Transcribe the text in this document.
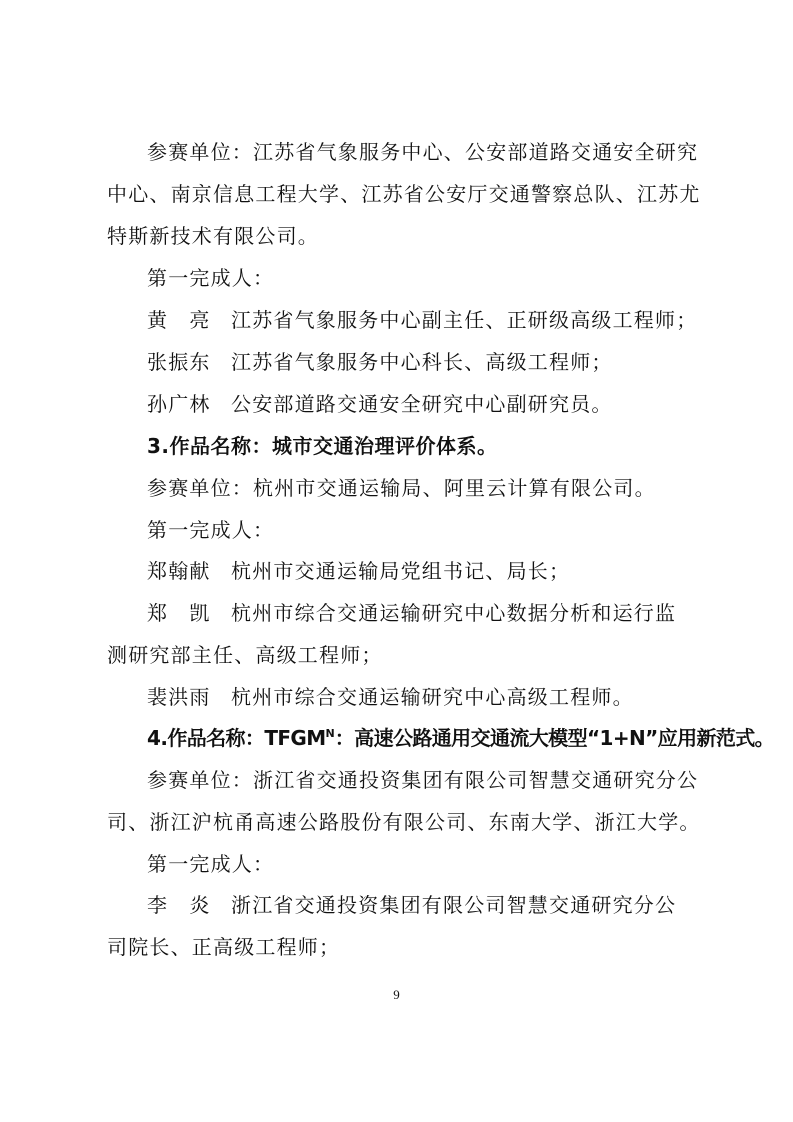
参赛单位：江苏省气象服务中心、公安部道路交通安全研究
中心、南京信息工程大学、江苏省公安厅交通警察总队、江苏尤
特斯新技术有限公司。
第一完成人：
黄　亮 江苏省气象服务中心副主任、正研级高级工程师；
张振东 江苏省气象服务中心科长、高级工程师；
孙广林 公安部道路交通安全研究中心副研究员。
3.作品名称：城市交通治理评价体系。
参赛单位：杭州市交通运输局、阿里云计算有限公司。
第一完成人：
郑翰献 杭州市交通运输局党组书记、局长；
郑　凯 杭州市综合交通运输研究中心数据分析和运行监
测研究部主任、高级工程师；
裴洪雨 杭州市综合交通运输研究中心高级工程师。
4.作品名称：$TFGM^N$：高速公路通用交通流大模型“1+N”应用新范式。
参赛单位：浙江省交通投资集团有限公司智慧交通研究分公
司、浙江沪杭甬高速公路股份有限公司、东南大学、浙江大学。
第一完成人：
李　炎 浙江省交通投资集团有限公司智慧交通研究分公
司院长、正高级工程师；
9
